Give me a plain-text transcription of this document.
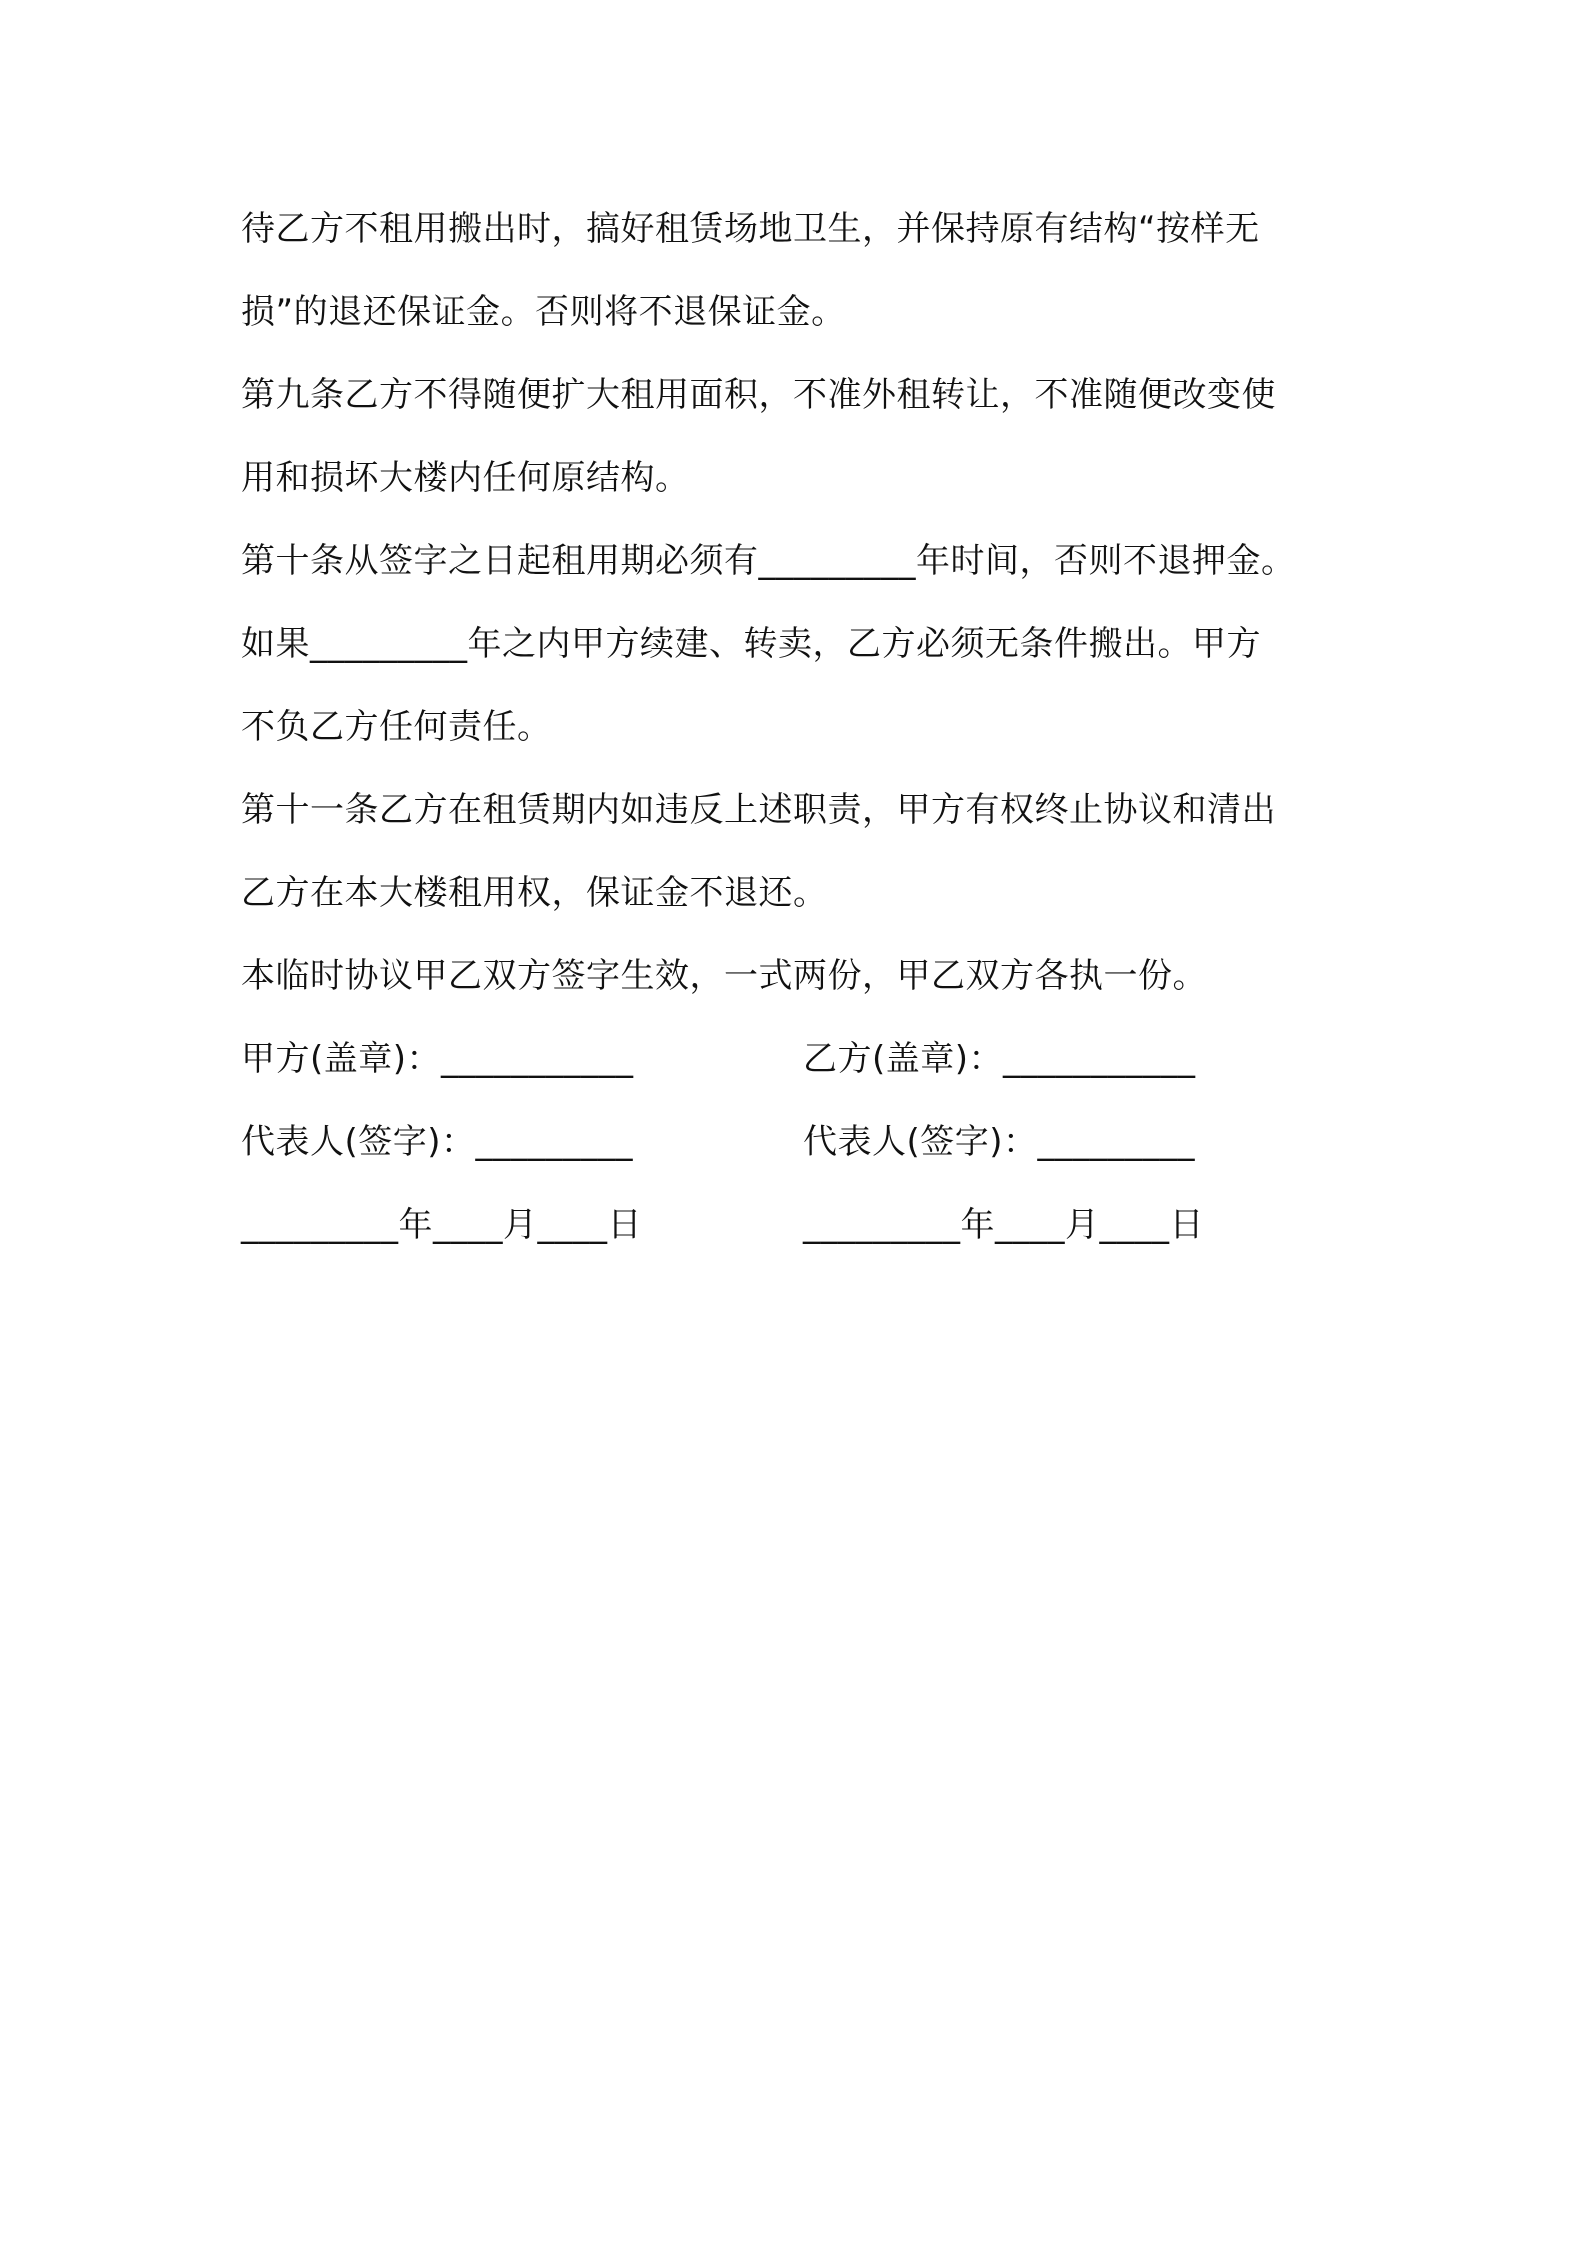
待乙方不租用搬出时，搞好租赁场地卫生，并保持原有结构“按样无
损”的退还保证金。否则将不退保证金。
第九条乙方不得随便扩大租用面积，不准外租转让，不准随便改变使
用和损坏大楼内任何原结构。
第十条从签字之日起租用期必须有_________年时间，否则不退押金。
如果_________年之内甲方续建、转卖，乙方必须无条件搬出。甲方
不负乙方任何责任。
第十一条乙方在租赁期内如违反上述职责，甲方有权终止协议和清出
乙方在本大楼租用权，保证金不退还。
本临时协议甲乙双方签字生效，一式两份，甲乙双方各执一份。
甲方(盖章)：___________	乙方(盖章)：___________
代表人(签字)：_________	代表人(签字)：_________
_________年____月____日	_________年____月____日
